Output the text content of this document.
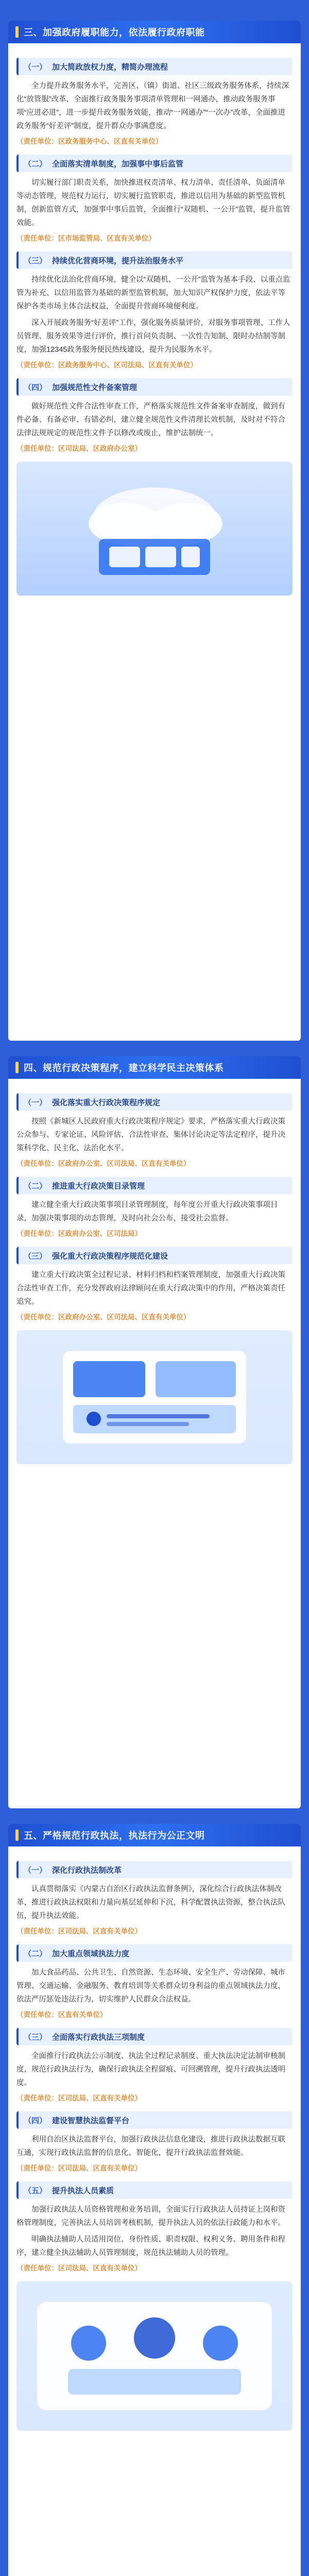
三、加强政府履职能力，依法履行政府职能
（一） 加大简政放权力度，精简办理流程

全力提升政务服务水平，完善区、（镇）街道、社区三级政务服务体系，持续深化“放管服”改革，全面推行政务服务事项清单管理和一网通办，推动政务服务事项“应进必进”，进一步提升政务服务效能，推动“一网通办”“一次办”改革，全面推进政务服务“好差评”制度，提升群众办事满意度。

（责任单位：区政务服务中心、区直有关单位）

（二） 全面落实清单制度，加强事中事后监管

切实履行部门职责关系，加快推进权责清单、权力清单、责任清单、负面清单等动态管理，规范权力运行，切实履行监管职责，推进以信用为基础的新型监管机制，创新监管方式，加强事中事后监管，全面推行“双随机、一公开”监管，提升监管效能。

（责任单位：区市场监管局、区直有关单位）

（三） 持续优化营商环境，提升法治服务水平

持续优化法治化营商环境，健全以“双随机、一公开”监管为基本手段、以重点监管为补充、以信用监管为基础的新型监管机制，加大知识产权保护力度，依法平等保护各类市场主体合法权益，全面提升营商环境便利度。

深入开展政务服务“好差评”工作，强化服务质量评价，对服务事项管理、工作人员管理、服务效果等进行评价，推行首问负责制、一次性告知制、限时办结制等制度，加强12345政务服务便民热线建设，提升为民服务水平。

（责任单位：区政务服务中心、区司法局、区直有关单位）

（四） 加强规范性文件备案管理

做好规范性文件合法性审查工作，严格落实规范性文件备案审查制度，做到有件必备、有备必审、有错必纠，建立健全规范性文件清理长效机制，及时对不符合法律法规规定的规范性文件予以修改或废止，维护法制统一。

（责任单位：区司法局、区政府办公室）

四、规范行政决策程序，建立科学民主决策体系
（一） 强化落实重大行政决策程序规定

按照《新城区人民政府重大行政决策程序规定》要求，严格落实重大行政决策公众参与、专家论证、风险评估、合法性审查、集体讨论决定等法定程序，提升决策科学化、民主化、法治化水平。

（责任单位：区政府办公室、区司法局、区直有关单位）

（二） 推进重大行政决策目录管理

建立健全重大行政决策事项目录管理制度，每年度公开重大行政决策事项目录，加强决策事项的动态管理，及时向社会公布，接受社会监督。

（责任单位：区政府办公室、区司法局）

（三） 强化重大行政决策程序规范化建设

建立重大行政决策全过程记录、材料归档和档案管理制度，加强重大行政决策合法性审查工作，充分发挥政府法律顾问在重大行政决策中的作用，严格决策责任追究。

（责任单位：区政府办公室、区司法局、区直有关单位）

五、严格规范行政执法，执法行为公正文明
（一） 深化行政执法制改革

认真贯彻落实《内蒙古自治区行政执法监督条例》，深化综合行政执法体制改革，推进行政执法权限和力量向基层延伸和下沉，科学配置执法资源，整合执法队伍，提升执法效能。

（责任单位：区司法局、区直有关单位）

（二） 加大重点领域执法力度

加大食品药品、公共卫生、自然资源、生态环境、安全生产、劳动保障、城市管理、交通运输、金融服务、教育培训等关系群众切身利益的重点领域执法力度，依法严厉惩处违法行为，切实维护人民群众合法权益。

（责任单位：区直有关单位）

（三） 全面落实行政执法三项制度

全面推行行政执法公示制度、执法全过程记录制度、重大执法决定法制审核制度，规范行政执法行为，确保行政执法全程留痕、可回溯管理，提升行政执法透明度。

（责任单位：区司法局、区直有关单位）

（四） 建设智慧执法监督平台

利用自治区执法监督平台，加强行政执法信息化建设，推进行政执法数据互联互通，实现行政执法监督的信息化、智能化，提升行政执法监督效能。

（责任单位：区司法局、区直有关单位）

（五） 提升执法人员素质

加强行政执法人员资格管理和业务培训，全面实行行政执法人员持证上岗和资格管理制度，完善执法人员培训考核机制，提升执法人员的依法行政能力和水平。

明确执法辅助人员适用岗位、身份性质、职责权限、权利义务、聘用条件和程序，建立健全执法辅助人员管理制度，规范执法辅助人员的管理。

（责任单位：区司法局、区直有关单位）
